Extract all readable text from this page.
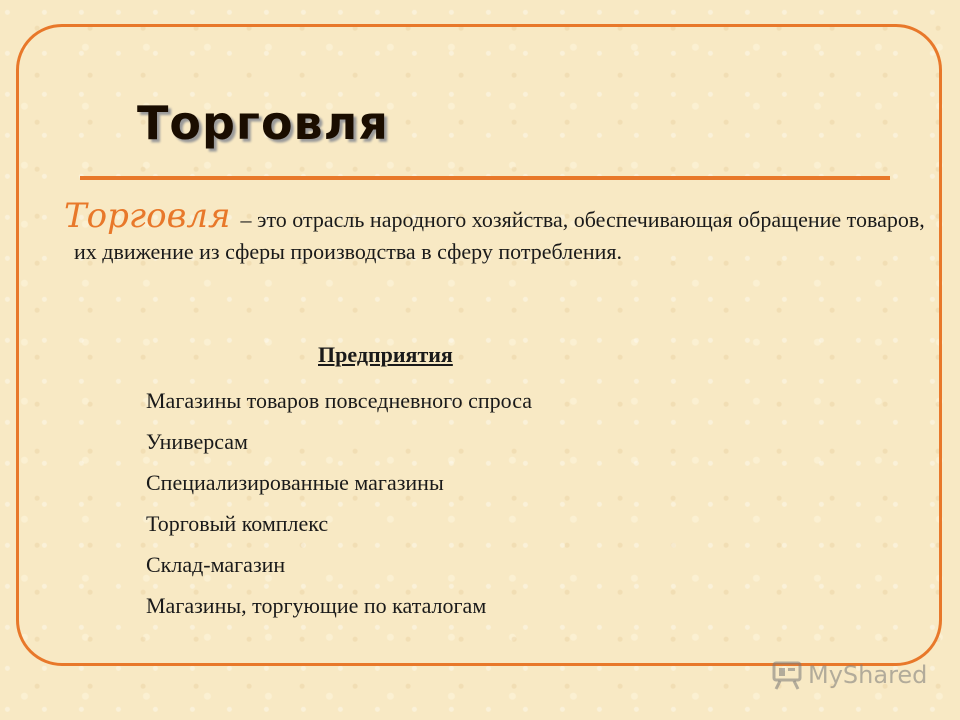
Торговля

Торговля – это отрасль народного хозяйства, обеспечивающая обращение товаров, их движение из сферы производства в сферу потребления.

Предприятия
Магазины товаров повседневного спроса
Универсам
Специализированные магазины
Торговый комплекс
Склад-магазин
Магазины, торгующие по каталогам
MyShared
